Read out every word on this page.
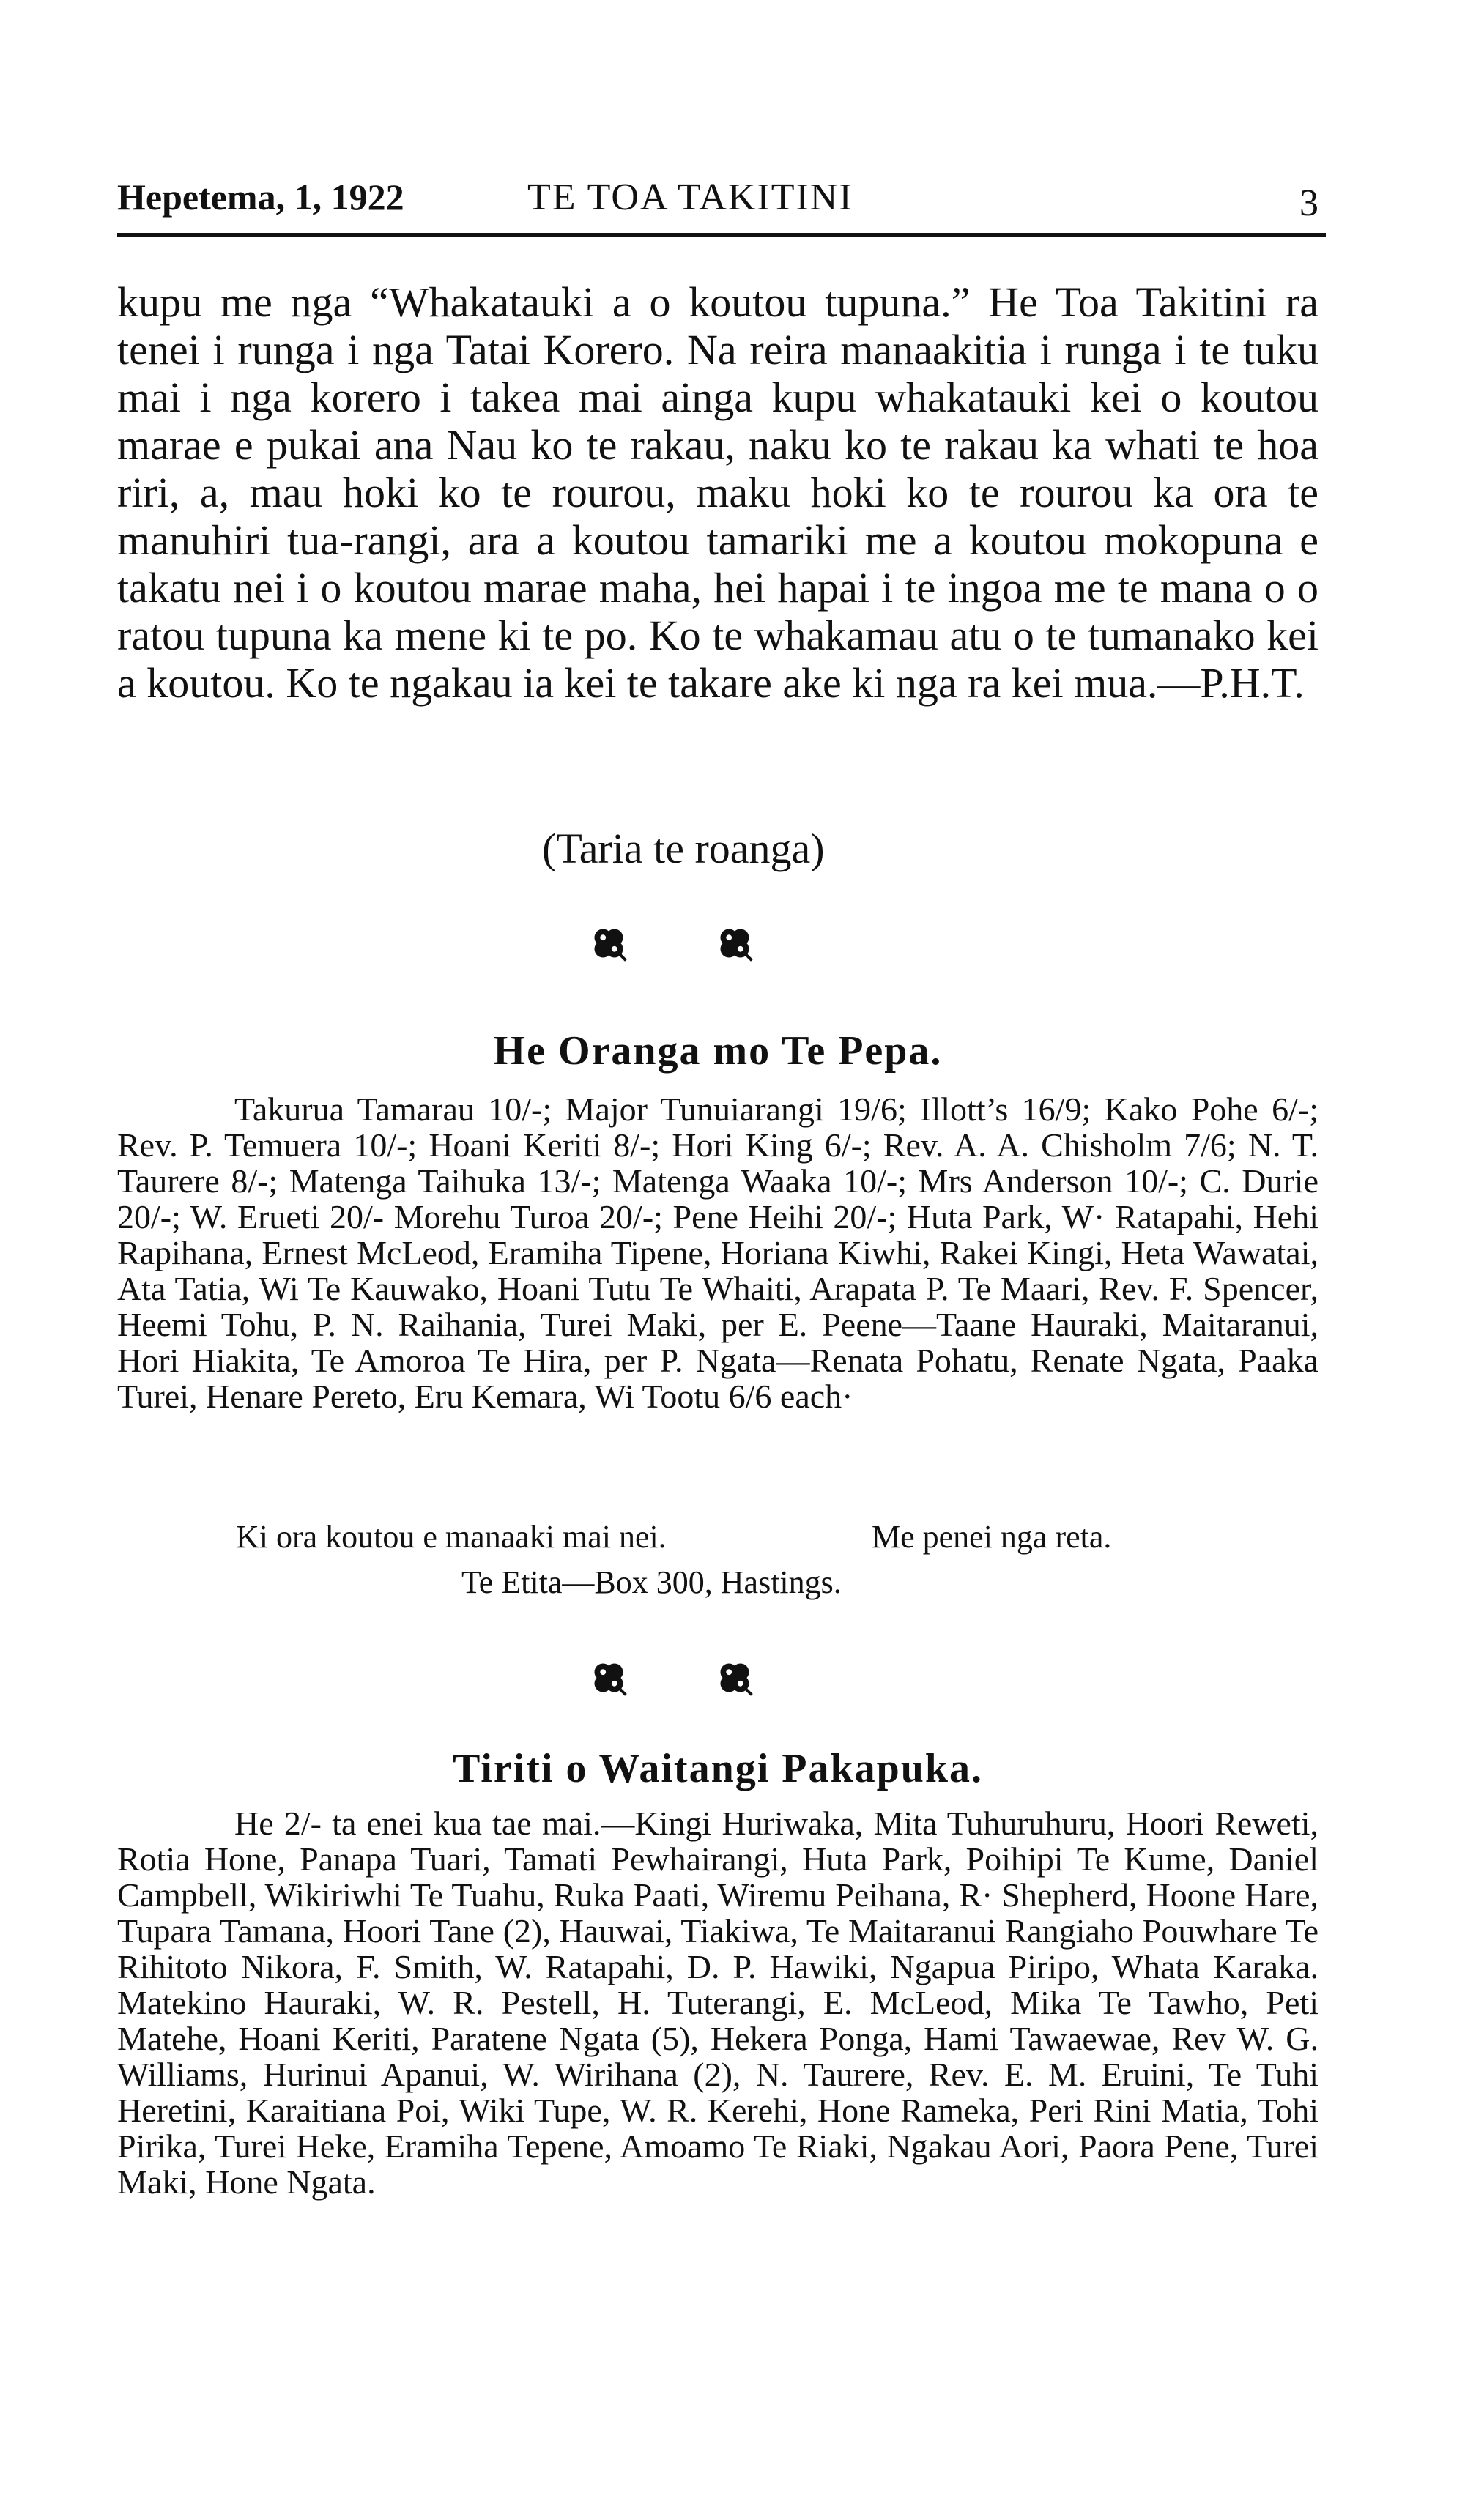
Hepetema, 1, 1922	TE TOA TAKITINI	3

kupu me nga “Whakatauki a o koutou tupuna.” He Toa Takitini ra tenei i runga i nga Tatai Korero. Na reira manaakitia i runga i te tuku mai i nga korero i takea mai ainga kupu whakatauki kei o koutou marae e pukai ana Nau ko te rakau, naku ko te rakau ka whati te hoa riri, a, mau hoki ko te rourou, maku hoki ko te rourou ka ora te manuhiri tua-rangi, ara a koutou tamariki me a koutou mokopuna e takatu nei i o koutou marae maha, hei hapai i te ingoa me te mana o o ratou tupuna ka mene ki te po. Ko te whakamau atu o te tumanako kei a koutou. Ko te ngakau ia kei te takare ake ki nga ra kei mua.—P.H.T.

(Taria te roanga)

He Oranga mo Te Pepa.

Takurua Tamarau 10/-; Major Tunuiarangi 19/6; Illott’s 16/9; Kako Pohe 6/-; Rev. P. Temuera 10/-; Hoani Keriti 8/-; Hori King 6/-; Rev. A. A. Chisholm 7/6; N. T. Taurere 8/-; Matenga Taihuka 13/-; Matenga Waaka 10/-; Mrs Anderson 10/-; C. Durie 20/-; W. Erueti 20/- Morehu Turoa 20/-; Pene Heihi 20/-; Huta Park, W· Ratapahi, Hehi Rapihana, Ernest McLeod, Eramiha Tipene, Horiana Kiwhi, Rakei Kingi, Heta Wawatai, Ata Tatia, Wi Te Kauwako, Hoani Tutu Te Whaiti, Arapata P. Te Maari, Rev. F. Spencer, Heemi Tohu, P. N. Raihania, Turei Maki, per E. Peene—Taane Hauraki, Maitaranui, Hori Hiakita, Te Amoroa Te Hira, per P. Ngata—Renata Pohatu, Renate Ngata, Paaka Turei, Henare Pereto, Eru Kemara, Wi Tootu 6/6 each·

Ki ora koutou e manaaki mai nei.	Me penei nga reta.

Te Etita—Box 300, Hastings.

Tiriti o Waitangi Pakapuka.

He 2/- ta enei kua tae mai.—Kingi Huriwaka, Mita Tuhuruhuru, Hoori Reweti, Rotia Hone, Panapa Tuari, Tamati Pewhairangi, Huta Park, Poihipi Te Kume, Daniel Campbell, Wikiriwhi Te Tuahu, Ruka Paati, Wiremu Peihana, R· Shepherd, Hoone Hare, Tupara Tamana, Hoori Tane (2), Hauwai, Tiakiwa, Te Maitaranui Rangiaho Pouwhare Te Rihitoto Nikora, F. Smith, W. Ratapahi, D. P. Hawiki, Ngapua Piripo, Whata Karaka. Matekino Hauraki, W. R. Pestell, H. Tuterangi, E. McLeod, Mika Te Tawho, Peti Matehe, Hoani Keriti, Paratene Ngata (5), Hekera Ponga, Hami Tawaewae, Rev W. G. Williams, Hurinui Apanui, W. Wirihana (2), N. Taurere, Rev. E. M. Eruini, Te Tuhi Heretini, Karaitiana Poi, Wiki Tupe, W. R. Kerehi, Hone Rameka, Peri Rini Matia, Tohi Pirika, Turei Heke, Eramiha Tepene, Amoamo Te Riaki, Ngakau Aori, Paora Pene, Turei Maki, Hone Ngata.
